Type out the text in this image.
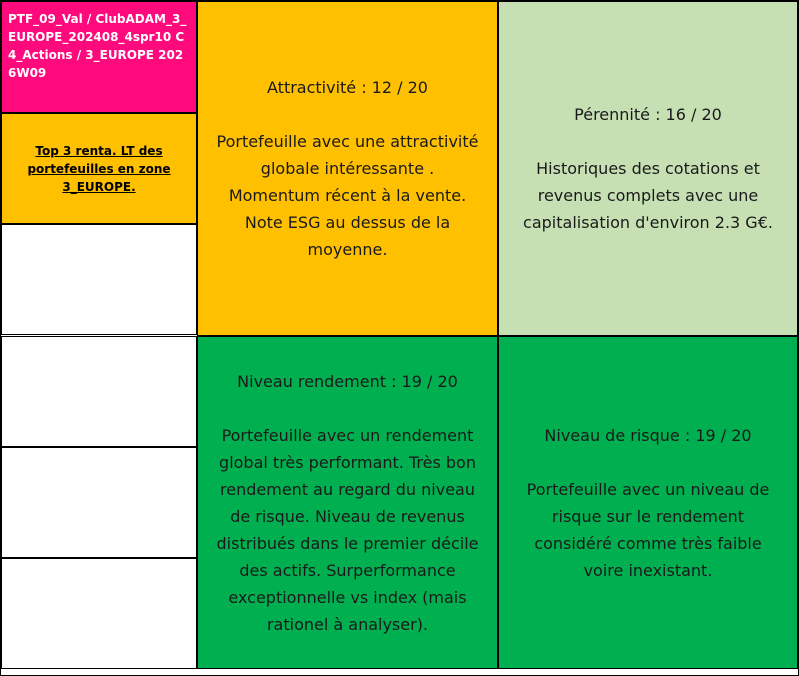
PTF_09_Val / ClubADAM_3_EUROPE_202408_4spr10 C4_Actions / 3_EUROPE 2026W09
Top 3 renta. LT des portefeuilles en zone 3_EUROPE.
Attractivité : 12 / 20
Portefeuille avec une attractivité
globale intéressante .
Momentum récent à la vente.
Note ESG au dessus de la
moyenne.
Pérennité : 16 / 20
Historiques des cotations et
revenus complets avec une
capitalisation d'environ 2.3 G€.
Niveau rendement : 19 / 20
Portefeuille avec un rendement
global très performant. Très bon
rendement au regard du niveau
de risque. Niveau de revenus
distribués dans le premier décile
des actifs. Surperformance
exceptionnelle vs index (mais
rationel à analyser).
Niveau de risque : 19 / 20
Portefeuille avec un niveau de
risque sur le rendement
considéré comme très faible
voire inexistant.
